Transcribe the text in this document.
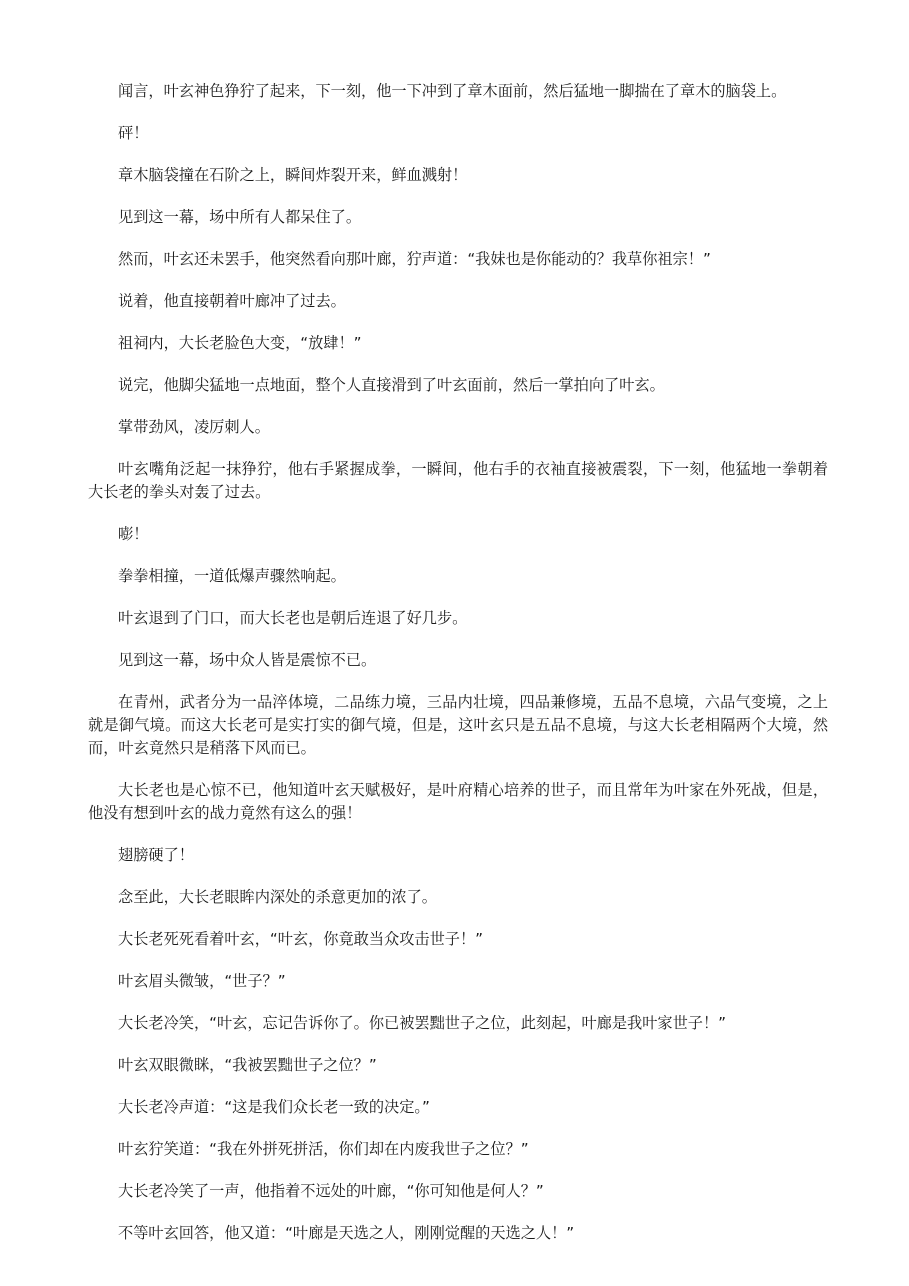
闻言，叶玄神色狰狞了起来，下一刻，他一下冲到了章木面前，然后猛地一脚揣在了章木的脑袋上。

砰！

章木脑袋撞在石阶之上，瞬间炸裂开来，鲜血溅射！

见到这一幕，场中所有人都呆住了。

然而，叶玄还未罢手，他突然看向那叶廊，狞声道：“我妹也是你能动的？我草你祖宗！”

说着，他直接朝着叶廊冲了过去。

祖祠内，大长老脸色大变，“放肆！”

说完，他脚尖猛地一点地面，整个人直接滑到了叶玄面前，然后一掌拍向了叶玄。

掌带劲风，凌厉刺人。

叶玄嘴角泛起一抹狰狞，他右手紧握成拳，一瞬间，他右手的衣袖直接被震裂，下一刻，他猛地一拳朝着大长老的拳头对轰了过去。

嘭！

拳拳相撞，一道低爆声骤然响起。

叶玄退到了门口，而大长老也是朝后连退了好几步。

见到这一幕，场中众人皆是震惊不已。

在青州，武者分为一品淬体境，二品练力境，三品内壮境，四品兼修境，五品不息境，六品气变境，之上就是御气境。而这大长老可是实打实的御气境，但是，这叶玄只是五品不息境，与这大长老相隔两个大境，然而，叶玄竟然只是稍落下风而已。

大长老也是心惊不已，他知道叶玄天赋极好，是叶府精心培养的世子，而且常年为叶家在外死战，但是，他没有想到叶玄的战力竟然有这么的强！

翅膀硬了！

念至此，大长老眼眸内深处的杀意更加的浓了。

大长老死死看着叶玄，“叶玄，你竟敢当众攻击世子！”

叶玄眉头微皱，“世子？”

大长老冷笑，“叶玄，忘记告诉你了。你已被罢黜世子之位，此刻起，叶廊是我叶家世子！”

叶玄双眼微眯，“我被罢黜世子之位？”

大长老冷声道：“这是我们众长老一致的决定。”

叶玄狞笑道：“我在外拼死拼活，你们却在内废我世子之位？”

大长老冷笑了一声，他指着不远处的叶廊，“你可知他是何人？”

不等叶玄回答，他又道：“叶廊是天选之人，刚刚觉醒的天选之人！”
